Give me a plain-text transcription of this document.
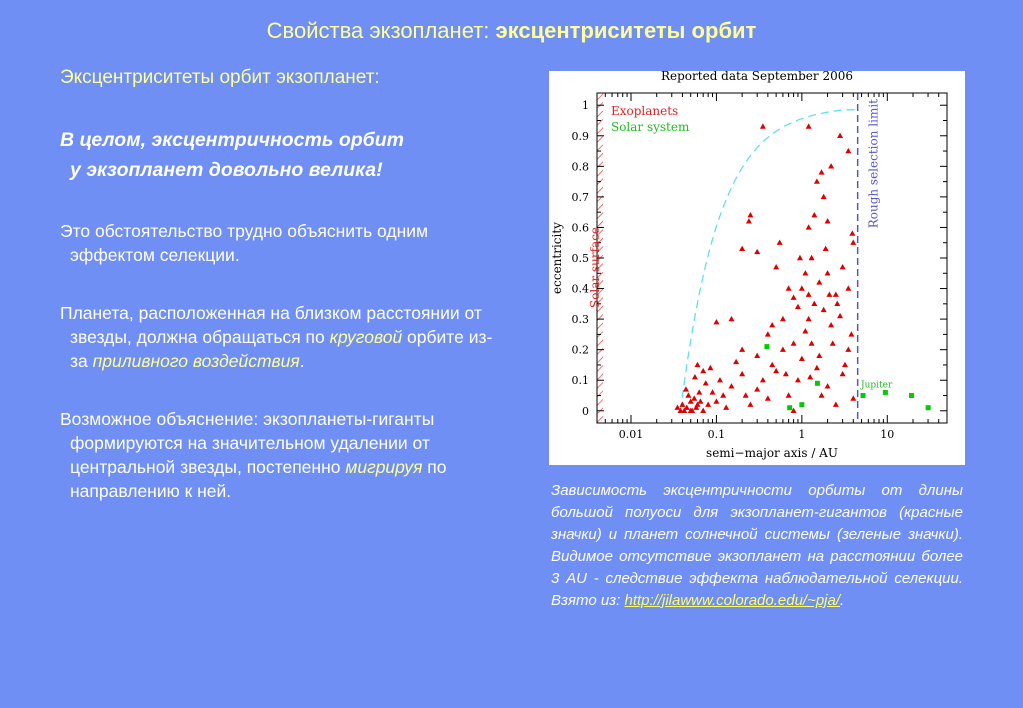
Свойства экзопланет: эксцентриситеты орбит

Эксцентриситеты орбит экзопланет:

В целом, эксцентричность орбит
у экзопланет довольно велика!

Это обстоятельство трудно объяснить одним эффектом селекции.

Планета, расположенная на близком расстоянии от звезды, должна обращаться по круговой орбите из-за приливного воздействия.

Возможное объяснение: экзопланеты-гиганты формируются на значительном удалении от центральной звезды, постепенно мигрируя по направлению к ней.

Reported data September 2006
0
0.1
0.2
0.3
0.4
0.5
0.6
0.7
0.8
0.9
1
0.01	0.1	1	10
Exoplanets
Solar system
Solar surface
Rough selection limit
Jupiter
semi−major axis / AU
eccentricity
Зависимость эксцентричности орбиты от длины большой полуоси для экзопланет-гигантов (красные значки) и планет солнечной системы (зеленые значки). Видимое отсутствие экзопланет на расстоянии более 3 AU - следствие эффекта наблюдательной селекции. Взято из: http://jilawww.colorado.edu/~pja/.
